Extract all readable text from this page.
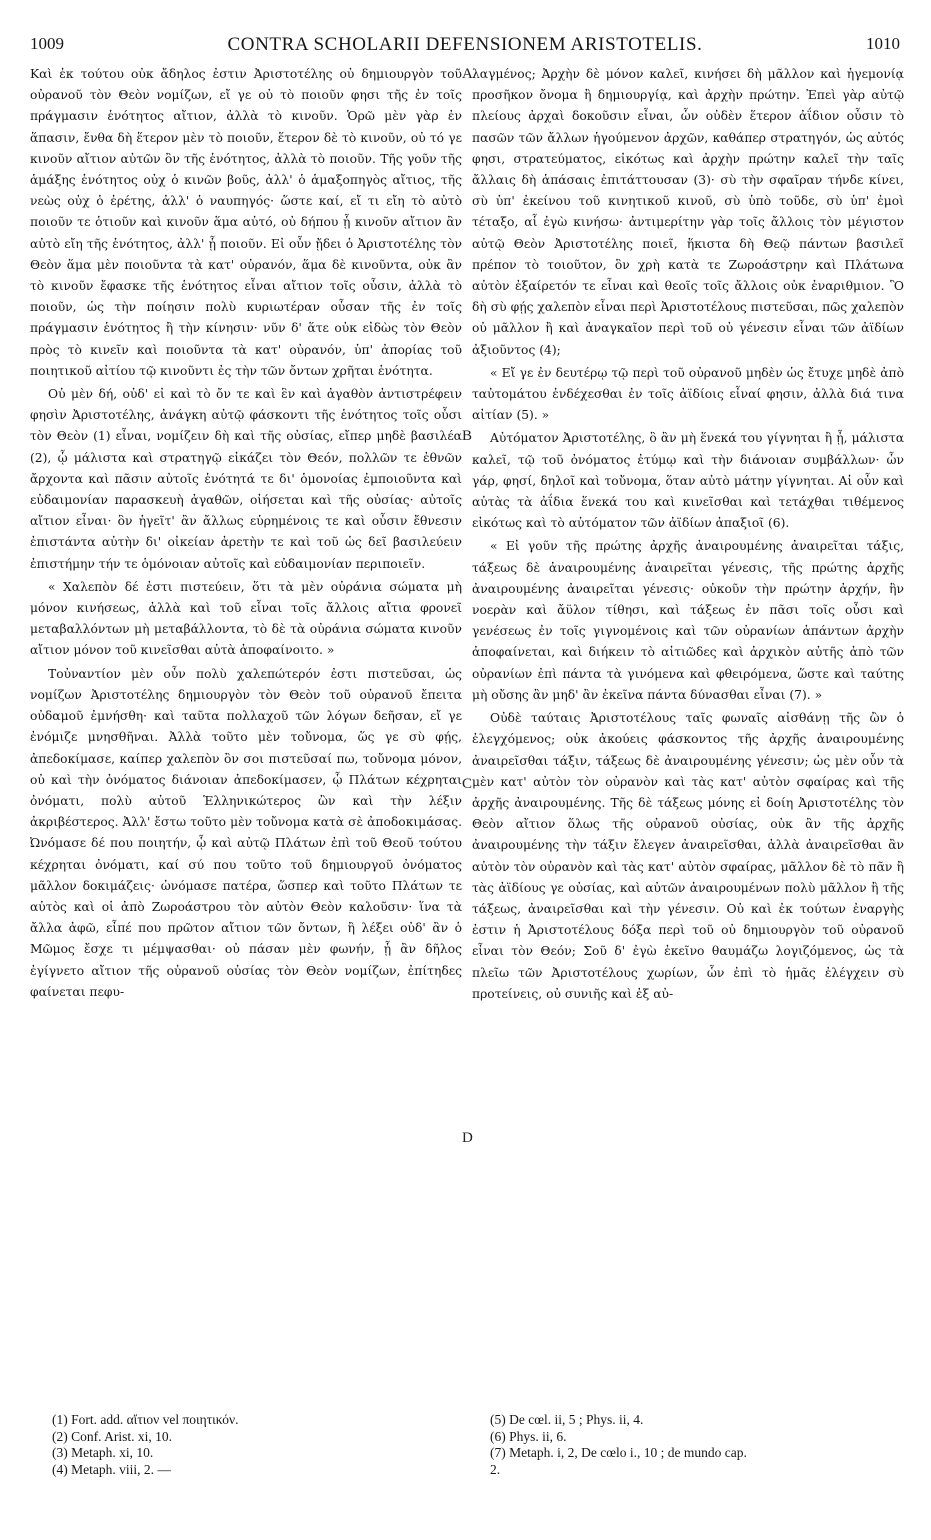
1009	CONTRA SCHOLARII DEFENSIONEM ARISTOTELIS.	1010

Καὶ ἐκ τούτου οὐκ ἄδηλος ἐστιν Ἀριστοτέλης οὐ δημιουργὸν τοῦ οὐρανοῦ τὸν Θεὸν νομίζων, εἴ γε οὐ τὸ ποιοῦν φησι τῆς ἐν τοῖς πράγμασιν ἑνότητος αἴτιον, ἀλλὰ τὸ κινοῦν. Ὁρῶ μὲν γὰρ ἐν ἅπασιν, ἔνθα δὴ ἕτερον μὲν τὸ ποιοῦν, ἕτερον δὲ τὸ κινοῦν, οὐ τό γε κινοῦν αἴτιον αὐτῶν ὂν τῆς ἑνότητος, ἀλλὰ τὸ ποιοῦν. Τῆς γοῦν τῆς ἁμάξης ἑνότητος οὐχ ὁ κινῶν βοῦς, ἀλλ' ὁ ἁμαξοπηγὸς αἴτιος, τῆς νεὼς οὐχ ὁ ἐρέτης, ἀλλ' ὁ ναυπηγός· ὥστε καί, εἴ τι εἴη τὸ αὐτὸ ποιοῦν τε ὁτιοῦν καὶ κινοῦν ἅμα αὐτό, οὐ δήπου ᾗ κινοῦν αἴτιον ἂν αὐτὸ εἴη τῆς ἑνότητος, ἀλλ' ᾗ ποιοῦν. Εἰ οὖν ᾔδει ὁ Ἀριστοτέλης τὸν Θεὸν ἅμα μὲν ποιοῦντα τὰ κατ' οὐρανόν, ἅμα δὲ κινοῦντα, οὐκ ἂν τὸ κινοῦν ἔφασκε τῆς ἑνότητος εἶναι αἴτιον τοῖς οὖσιν, ἀλλὰ τὸ ποιοῦν, ὡς τὴν ποίησιν πολὺ κυριωτέραν οὖσαν τῆς ἐν τοῖς πράγμασιν ἑνότητος ἢ τὴν κίνησιν· νῦν δ' ἅτε οὐκ εἰδὼς τὸν Θεὸν πρὸς τὸ κινεῖν καὶ ποιοῦντα τὰ κατ' οὐρανόν, ὑπ' ἀπορίας τοῦ ποιητικοῦ αἰτίου τῷ κινοῦντι ἐς τὴν τῶν ὄντων χρῆται ἑνότητα.

Οὐ μὲν δή, οὐδ' εἰ καὶ τὸ ὄν τε καὶ ἓν καὶ ἀγαθὸν ἀντιστρέφειν φησὶν Ἀριστοτέλης, ἀνάγκη αὐτῷ φάσκοντι τῆς ἑνότητος τοῖς οὖσι τὸν Θεὸν (1) εἶναι, νομίζειν δὴ καὶ τῆς οὐσίας, εἴπερ μηδὲ βασιλέα (2), ᾧ μάλιστα καὶ στρατηγῷ εἰκάζει τὸν Θεόν, πολλῶν τε ἐθνῶν ἄρχοντα καὶ πᾶσιν αὐτοῖς ἑνότητά τε δι' ὁμονοίας ἐμποιοῦντα καὶ εὐδαιμονίαν παρασκευὴ ἀγαθῶν, οἰήσεται καὶ τῆς οὐσίας· αὐτοῖς αἴτιον εἶναι· ὃν ἡγεῖτ' ἂν ἄλλως εὑρημένοις τε καὶ οὖσιν ἔθνεσιν ἐπιστάντα αὐτὴν δι' οἰκείαν ἀρετὴν τε καὶ τοῦ ὡς δεῖ βασιλεύειν ἐπιστήμην τήν τε ὁμόνοιαν αὐτοῖς καὶ εὐδαιμονίαν περιποιεῖν.

« Χαλεπὸν δέ ἐστι πιστεύειν, ὅτι τὰ μὲν οὐράνια σώματα μὴ μόνον κινήσεως, ἀλλὰ καὶ τοῦ εἶναι τοῖς ἄλλοις αἴτια φρονεῖ μεταβαλλόντων μὴ μεταβάλλοντα, τὸ δὲ τὰ οὐράνια σώματα κινοῦν αἴτιον μόνον τοῦ κινεῖσθαι αὐτὰ ἀποφαίνοιτο. »

Τοὐναντίον μὲν οὖν πολὺ χαλεπώτερόν ἐστι πιστεῦσαι, ὡς νομίζων Ἀριστοτέλης δημιουργὸν τὸν Θεὸν τοῦ οὐρανοῦ ἔπειτα οὐδαμοῦ ἐμνήσθη· καὶ ταῦτα πολλαχοῦ τῶν λόγων δεῆσαν, εἴ γε ἐνόμιζε μνησθῆναι. Ἀλλὰ τοῦτο μὲν τοὔνομα, ὥς γε σὺ φῄς, ἀπεδοκίμασε, καίπερ χαλεπὸν ὂν σοι πιστεῦσαί πω, τοὔνομα μόνον, οὐ καὶ τὴν ὀνόματος διάνοιαν ἀπεδοκίμασεν, ᾧ Πλάτων κέχρηται ὀνόματι, πολὺ αὐτοῦ Ἑλληνικώτερος ὢν καὶ τὴν λέξιν ἀκριβέστερος. Ἀλλ' ἔστω τοῦτο μὲν τοὔνομα κατὰ σὲ ἀποδοκιμάσας. Ὠνόμασε δέ που ποιητήν, ᾧ καὶ αὐτῷ Πλάτων ἐπὶ τοῦ Θεοῦ τούτου κέχρηται ὀνόματι, καί σύ που τοῦτο τοῦ δημιουργοῦ ὀνόματος μᾶλλον δοκιμάζεις· ὠνόμασε πατέρα, ὥσπερ καὶ τοῦτο Πλάτων τε αὐτὸς καὶ οἱ ἀπὸ Ζωροάστρου τὸν αὐτὸν Θεὸν καλοῦσιν· ἵνα τὰ ἄλλα ἀφῶ, εἶπέ που πρῶτον αἴτιον τῶν ὄντων, ἢ λέξει οὐδ' ἂν ὁ Μῶμος ἔσχε τι μέμψασθαι· οὐ πάσαν μὲν φωνήν, ᾗ ἂν δῆλος ἐγίγνετο αἴτιον τῆς οὐρανοῦ οὐσίας τὸν Θεὸν νομίζων, ἐπίτηδες φαίνεται πεφυ-

A
B
C
D

λαγμένος; Ἀρχὴν δὲ μόνον καλεῖ, κινήσει δὴ μᾶλλον καὶ ἡγεμονίᾳ προσῆκον ὄνομα ἢ δημιουργίᾳ, καὶ ἀρχὴν πρώτην. Ἐπεὶ γὰρ αὐτῷ πλείους ἀρχαὶ δοκοῦσιν εἶναι, ὧν οὐδὲν ἕτερον ἀΐδιον οὖσιν τὸ πασῶν τῶν ἄλλων ἡγούμενον ἀρχῶν, καθάπερ στρατηγόν, ὡς αὐτός φησι, στρατεύματος, εἰκότως καὶ ἀρχὴν πρώτην καλεῖ τὴν ταῖς ἄλλαις δὴ ἁπάσαις ἐπιτάττουσαν (3)· σὺ τὴν σφαῖραν τήνδε κίνει, σὺ ὑπ' ἐκείνου τοῦ κινητικοῦ κινοῦ, σὺ ὑπὸ τοῦδε, σὺ ὑπ' ἐμοὶ τέταξο, αἷ ἐγὼ κινήσω· ἀντιμερίτην γὰρ τοῖς ἄλλοις τὸν μέγιστον αὐτῷ Θεὸν Ἀριστοτέλης ποιεῖ, ἥκιστα δὴ Θεῷ πάντων βασιλεῖ πρέπον τὸ τοιοῦτον, ὃν χρὴ κατὰ τε Ζωροάστρην καὶ Πλάτωνα αὐτὸν ἐξαίρετόν τε εἶναι καὶ θεοῖς τοῖς ἄλλοις οὐκ ἐναριθμιον. Ὃ δὴ σὺ φῄς χαλεπὸν εἶναι περὶ Ἀριστοτέλους πιστεῦσαι, πῶς χαλεπὸν οὐ μᾶλλον ἢ καὶ ἀναγκαῖον περὶ τοῦ οὐ γένεσιν εἶναι τῶν ἀϊδίων ἀξιοῦντος (4);

« Εἴ γε ἐν δευτέρῳ τῷ περὶ τοῦ οὐρανοῦ μηδὲν ὡς ἔτυχε μηδὲ ἀπὸ ταὐτομάτου ἐνδέχεσθαι ἐν τοῖς ἀϊδίοις εἶναί φησιν, ἀλλὰ διά τινα αἰτίαν (5). »

Αὐτόματον Ἀριστοτέλης, ὃ ἂν μὴ ἕνεκά του γίγνηται ἢ ᾖ, μάλιστα καλεῖ, τῷ τοῦ ὀνόματος ἐτύμῳ καὶ τὴν διάνοιαν συμβάλλων· ὧν γάρ, φησί, δηλοῖ καὶ τοὔνομα, ὅταν αὐτὸ μάτην γίγνηται. Αἱ οὖν καὶ αὐτὰς τὰ ἀΐδια ἕνεκά του καὶ κινεῖσθαι καὶ τετάχθαι τιθέμενος εἰκότως καὶ τὸ αὐτόματον τῶν ἀϊδίων ἀπαξιοῖ (6).

« Εἰ γοῦν τῆς πρώτης ἀρχῆς ἀναιρουμένης ἀναιρεῖται τάξις, τάξεως δὲ ἀναιρουμένης ἀναιρεῖται γένεσις, τῆς πρώτης ἀρχῆς ἀναιρουμένης ἀναιρεῖται γένεσις· οὐκοῦν τὴν πρώτην ἀρχήν, ἣν νοερὰν καὶ ἄϋλον τίθησι, καὶ τάξεως ἐν πᾶσι τοῖς οὖσι καὶ γενέσεως ἐν τοῖς γιγνομένοις καὶ τῶν οὐρανίων ἁπάντων ἀρχὴν ἀποφαίνεται, καὶ διήκειν τὸ αἰτιῶδες καὶ ἀρχικὸν αὐτῆς ἀπὸ τῶν οὐρανίων ἐπὶ πάντα τὰ γινόμενα καὶ φθειρόμενα, ὥστε καὶ ταύτης μὴ οὔσης ἂν μηδ' ἂν ἐκεῖνα πάντα δύνασθαι εἶναι (7). »

Οὐδὲ ταύταις Ἀριστοτέλους ταῖς φωναῖς αἰσθάνῃ τῆς ὢν ὁ ἐλεγχόμενος; οὐκ ἀκούεις φάσκοντος τῆς ἀρχῆς ἀναιρουμένης ἀναιρεῖσθαι τάξιν, τάξεως δὲ ἀναιρουμένης γένεσιν; ὡς μὲν οὖν τὰ μὲν κατ' αὐτὸν τὸν οὐρανὸν καὶ τὰς κατ' αὐτὸν σφαίρας καὶ τῆς ἀρχῆς ἀναιρουμένης. Τῆς δὲ τάξεως μόνης εἰ δοίη Ἀριστοτέλης τὸν Θεὸν αἴτιον ὅλως τῆς οὐρανοῦ οὐσίας, οὐκ ἂν τῆς ἀρχῆς ἀναιρουμένης τὴν τάξιν ἔλεγεν ἀναιρεῖσθαι, ἀλλὰ ἀναιρεῖσθαι ἂν αὐτὸν τὸν οὐρανὸν καὶ τὰς κατ' αὐτὸν σφαίρας, μᾶλλον δὲ τὸ πᾶν ἢ τὰς ἀϊδίους γε οὐσίας, καὶ αὐτῶν ἀναιρουμένων πολὺ μᾶλλον ἢ τῆς τάξεως, ἀναιρεῖσθαι καὶ τὴν γένεσιν. Οὐ καὶ ἐκ τούτων ἐναργὴς ἐστιν ἡ Ἀριστοτέλους δόξα περὶ τοῦ οὐ δημιουργὸν τοῦ οὐρανοῦ εἶναι τὸν Θεόν; Σοῦ δ' ἐγὼ ἐκεῖνο θαυμάζω λογιζόμενος, ὡς τὰ πλεῖω τῶν Ἀριστοτέλους χωρίων, ὧν ἐπὶ τὸ ἡμᾶς ἐλέγχειν σὺ προτείνεις, οὐ συνιῆς καὶ ἐξ αὐ-

(1) Fort. add. αἴτιον vel ποιητικόν.
(2) Conf. Arist. xi, 10.
(3) Metaph. xi, 10.
(4) Metaph. viii, 2. —
(5) De cœl. ii, 5 ; Phys. ii, 4.
(6) Phys. ii, 6.
(7) Metaph. i, 2, De cœlo i., 10 ; de mundo cap.
2.
